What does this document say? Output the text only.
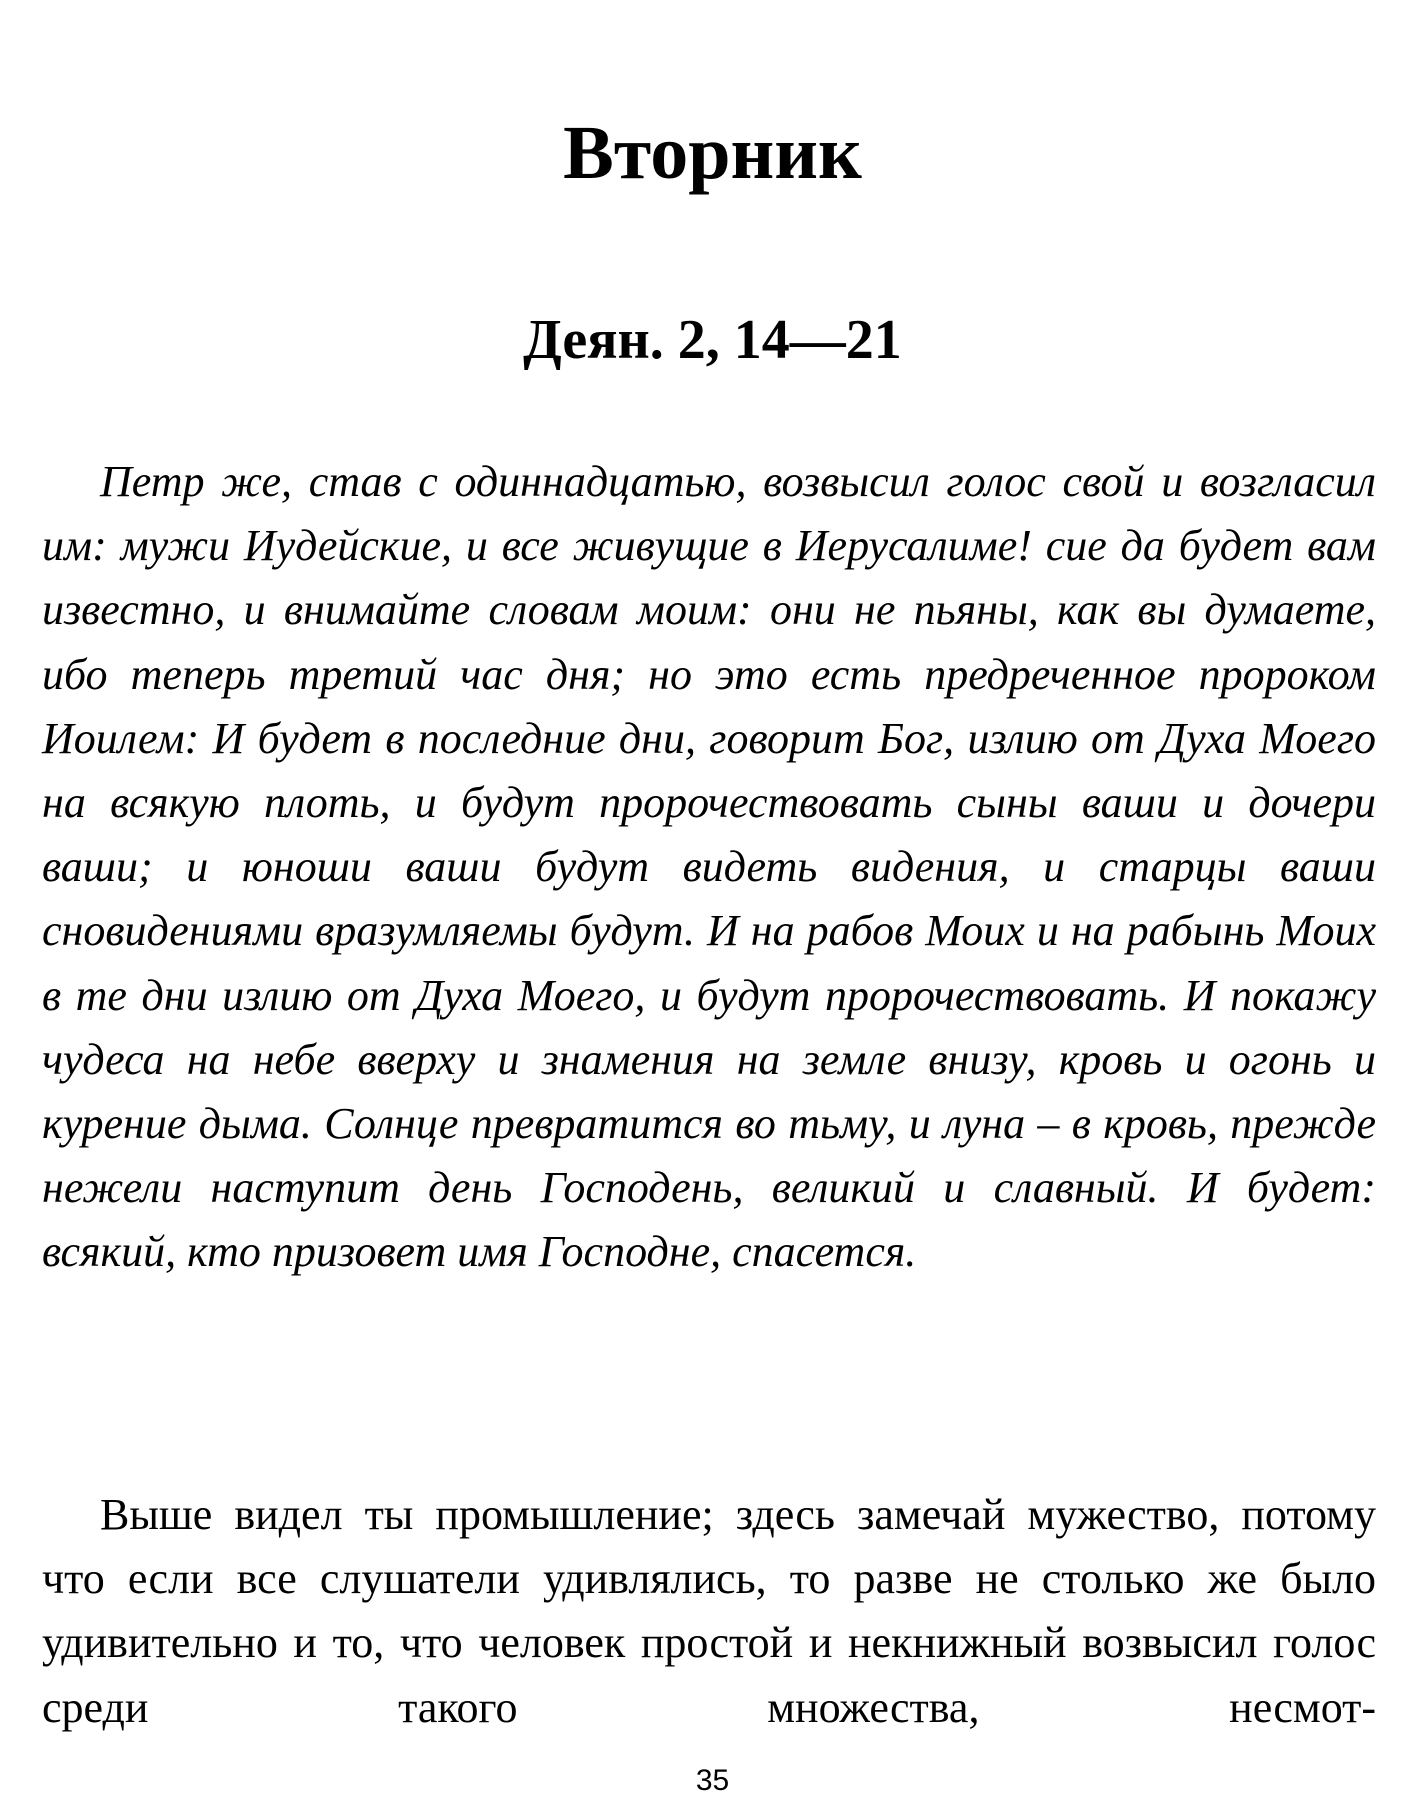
Вторник
Деян. 2, 14—21

Петр же, став с одиннадцатью, возвысил голос свой и возгласил им: мужи Иудейские, и все живущие в Иерусалиме! сие да будет вам известно, и внимайте словам моим: они не пьяны, как вы думаете, ибо теперь третий час дня; но это есть предреченное пророком Иоилем: И будет в последние дни, говорит Бог, излию от Духа Моего на всякую плоть, и будут пророчествовать сыны ваши и дочери ваши; и юноши ваши будут видеть видения, и старцы ваши сновидениями вразумляемы будут. И на рабов Моих и на рабынь Моих в те дни излию от Духа Моего, и будут пророчествовать. И покажу чудеса на небе вверху и знамения на земле внизу, кровь и огонь и курение дыма. Солнце превратится во тьму, и луна – в кровь, прежде нежели наступит день Господень, великий и славный. И будет: всякий, кто призовет имя Господне, спасется.

Выше видел ты промышление; здесь замечай мужество, потому что если все слушатели удивлялись, то разве не столько же было удивительно и то, что человек простой и некнижный возвысил голос среди такого множества, несмот-

35
